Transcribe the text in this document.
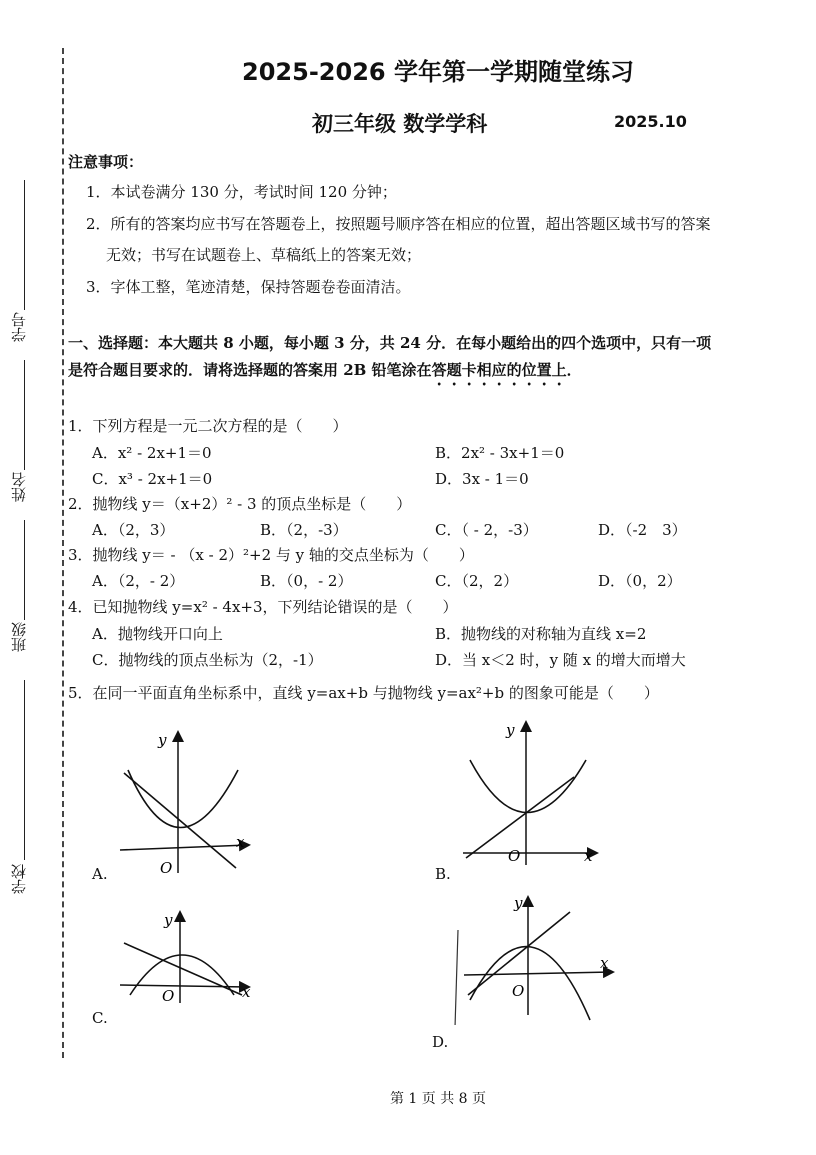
学号
姓名
班级
学校
2025-2026 学年第一学期随堂练习
初三年级 数学学科	2025.10
注意事项：
1．本试卷满分 130 分，考试时间 120 分钟；
2．所有的答案均应书写在答题卷上，按照题号顺序答在相应的位置，超出答题区域书写的答案
无效；书写在试题卷上、草稿纸上的答案无效；
3．字体工整，笔迹清楚，保持答题卷卷面清洁。
一、选择题：本大题共 8 小题，每小题 3 分，共 24 分．在每小题给出的四个选项中，只有一项
是符合题目要求的．请将选择题的答案用 2B 铅笔涂在答题卡相应的位置上．
1．下列方程是一元二次方程的是（　　）
A．x² - 2x+1＝0	B．2x² - 3x+1＝0
C．x³ - 2x+1＝0	D．3x - 1＝0
2．抛物线 y＝（x+2）² - 3 的顶点坐标是（　　）
A．（2，3）	B．（2，-3）	C．（ - 2，-3）	D．（-2　3）
3．抛物线 y＝ - （x - 2）²+2 与 y 轴的交点坐标为（　　）
A．（2，- 2）	B．（0，- 2）	C．（2，2）	D．（0，2）
4．已知抛物线 y=x² - 4x+3，下列结论错误的是（　　）
A．抛物线开口向上	B．抛物线的对称轴为直线 x=2
C．抛物线的顶点坐标为（2，-1）	D．当 x＜2 时，y 随 x 的增大而增大
5．在同一平面直角坐标系中，直线 y=ax+b 与抛物线 y=ax²+b 的图象可能是（　　）
A.	B.
C.
D.
x
y
O
x
y
O
x
y
O
x
y
O
第 1 页 共 8 页
